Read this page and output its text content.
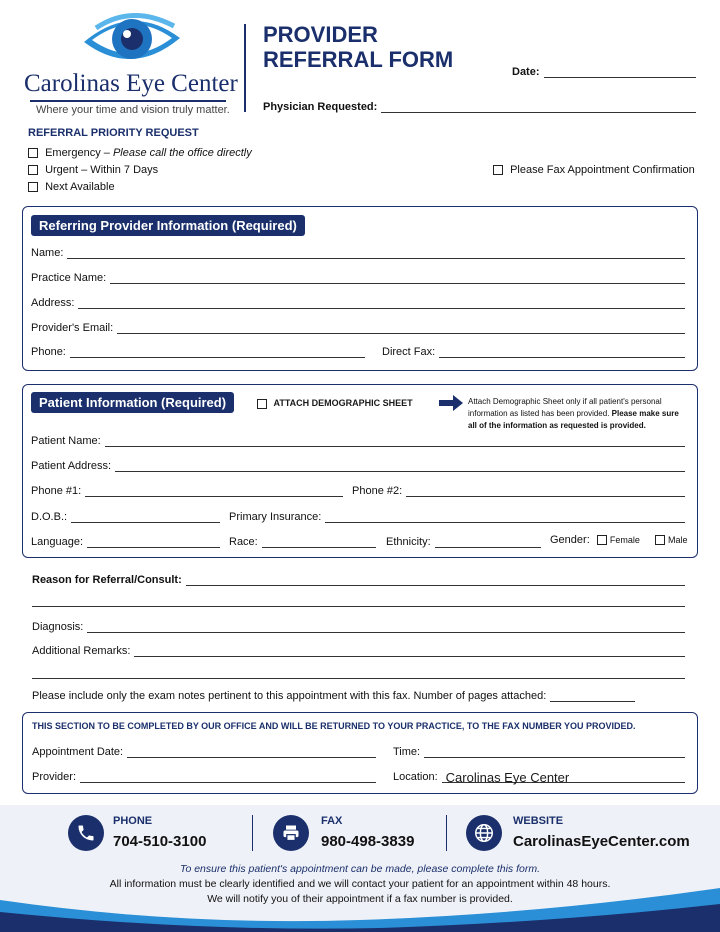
Carolinas Eye Center
Where your time and vision truly matter.
PROVIDER
REFERRAL FORM	Date:
Physician Requested:
REFERRAL PRIORITY REQUEST
Emergency – Please call the office directly
Urgent – Within 7 Days
Next Available
Please Fax Appointment Confirmation
Referring Provider Information (Required)
Name:
Practice Name:
Address:
Provider's Email:
Phone:	Direct Fax:
Patient Information (Required)	ATTACH DEMOGRAPHIC SHEET	Attach Demographic Sheet only if all patient's personal information as listed has been provided. Please make sure all of the information as requested is provided.
Patient Name:
Patient Address:
Phone #1:	Phone #2:
D.O.B.:	Primary Insurance:
Language:	Race:	Ethnicity:	Gender: Female	Male
Reason for Referral/Consult:
Diagnosis:
Additional Remarks:
Please include only the exam notes pertinent to this appointment with this fax. Number of pages attached:
THIS SECTION TO BE COMPLETED BY OUR OFFICE AND WILL BE RETURNED TO YOUR PRACTICE, TO THE FAX NUMBER YOU PROVIDED.
Appointment Date:	Time:
Provider:	Location: Carolinas Eye Center
PHONE
704-510-3100
FAX
980-498-3839
WEBSITE
CarolinasEyeCenter.com
To ensure this patient's appointment can be made, please complete this form.
All information must be clearly identified and we will contact your patient for an appointment within 48 hours.
We will notify you of their appointment if a fax number is provided.
